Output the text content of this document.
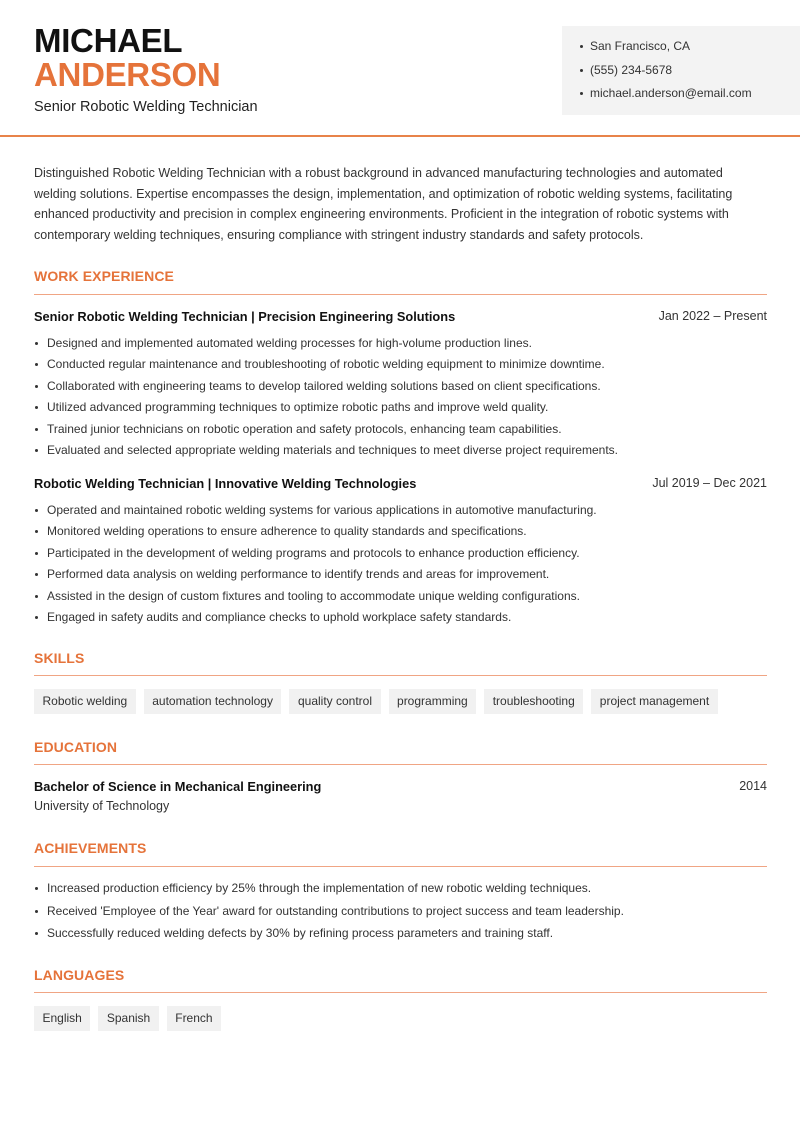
MICHAEL
ANDERSON
Senior Robotic Welding Technician
San Francisco, CA
(555) 234-5678
michael.anderson@email.com

Distinguished Robotic Welding Technician with a robust background in advanced manufacturing technologies and automated welding solutions. Expertise encompasses the design, implementation, and optimization of robotic welding systems, facilitating enhanced productivity and precision in complex engineering environments. Proficient in the integration of robotic systems with contemporary welding techniques, ensuring compliance with stringent industry standards and safety protocols.

WORK EXPERIENCE
Senior Robotic Welding Technician | Precision Engineering Solutions	Jan 2022 – Present
Designed and implemented automated welding processes for high-volume production lines.
Conducted regular maintenance and troubleshooting of robotic welding equipment to minimize downtime.
Collaborated with engineering teams to develop tailored welding solutions based on client specifications.
Utilized advanced programming techniques to optimize robotic paths and improve weld quality.
Trained junior technicians on robotic operation and safety protocols, enhancing team capabilities.
Evaluated and selected appropriate welding materials and techniques to meet diverse project requirements.
Robotic Welding Technician | Innovative Welding Technologies	Jul 2019 – Dec 2021
Operated and maintained robotic welding systems for various applications in automotive manufacturing.
Monitored welding operations to ensure adherence to quality standards and specifications.
Participated in the development of welding programs and protocols to enhance production efficiency.
Performed data analysis on welding performance to identify trends and areas for improvement.
Assisted in the design of custom fixtures and tooling to accommodate unique welding configurations.
Engaged in safety audits and compliance checks to uphold workplace safety standards.
SKILLS
Robotic welding	automation technology	quality control	programming	troubleshooting	project management
EDUCATION
Bachelor of Science in Mechanical Engineering	2014
University of Technology
ACHIEVEMENTS
Increased production efficiency by 25% through the implementation of new robotic welding techniques.
Received 'Employee of the Year' award for outstanding contributions to project success and team leadership.
Successfully reduced welding defects by 30% by refining process parameters and training staff.
LANGUAGES
English	Spanish	French
